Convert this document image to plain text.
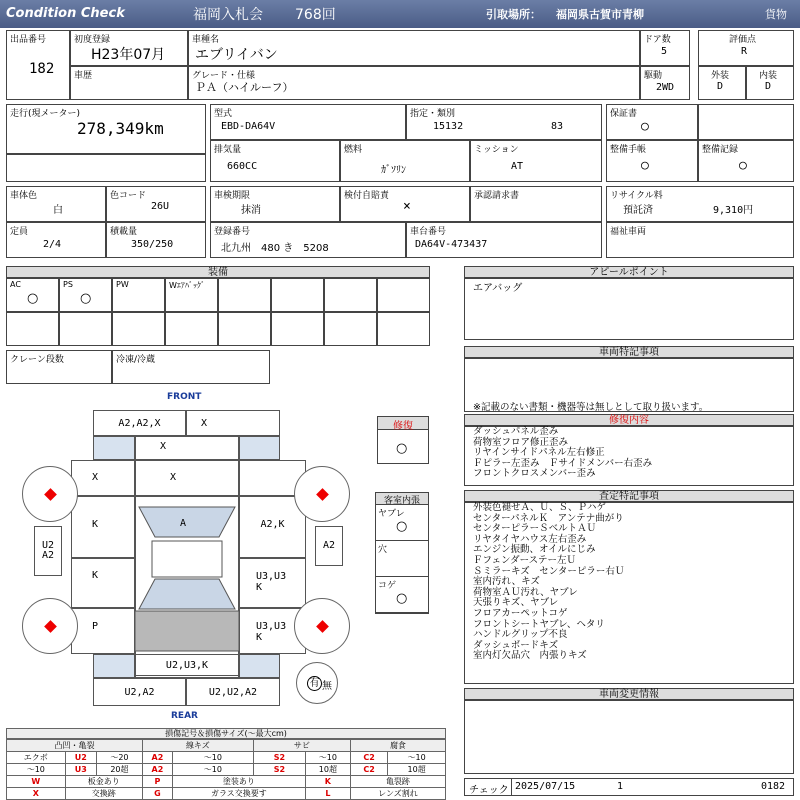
Condition Check	福岡入札会 768回	引取場所： 福岡県古賀市青柳	貨物
出品番号
182
初度登録
H23年07月
車歴
車種名
エブリイバン
グレード・仕様
ＰＡ（ハイルーフ）
ドア数
5
駆動
2WD
評価点
R
外装
D
内装
D
走行(現メーター)
278,349km
型式
EBD-DA64V
指定・類別
15132	83
保証書
○
排気量
660CC
燃料
ｶﾞｿﾘﾝ
ミッション
AT
整備手帳
○
整備記録
○
車体色
白
色コード
26U
車検期限
抹消
検付自賠責
×
承認請求書	リサイクル料
預託済	9,310円
定員
2/4
積載量
350/250
登録番号
北九州　480 き　5208
車台番号
DA64V-473437
福祉車両
装備
AC
○
PS
○
PW	Wｴｱﾊﾞｯｸﾞ
クレーン段数	冷凍/冷蔵
アピールポイント
エアバッグ
車両特記事項
※記載のない書類・機器等は無しとして取り扱います。
修復内容
ダッシュパネル歪み
荷物室フロア修正歪み
リヤインサイドパネル左右修正
Ｆピラー左歪み　Ｆサイドメンバー右歪み
フロントクロスメンバー歪み
査定特記事項
外装色褪せＡ、Ｕ、Ｓ、Ｐハゲ
センターパネルＫ　アンテナ曲がり
センターピラーＳベルトＡＵ
リヤタイヤハウス左右歪み
エンジン振動、オイルにじみ
Ｆフェンダーステー左Ｕ
Ｓミラーキズ　センターピラー右Ｕ
室内汚れ、キズ
荷物室ＡＵ汚れ、ヤブレ
天張りキズ、ヤブレ
フロアカーペットコゲ
フロントシートヤブレ、ヘタリ
ハンドルグリップ不良
ダッシュボードキズ
室内灯欠品穴　内張りキズ
車両変更情報
チェック 2025/07/15	1	0182
FRONT
REAR
A2,A2,X	X
X
X	X
K	A2,K
K	U3,U3
K
P	U3,U3
K
A
U2
A2
A2
U2,U3,K
U2,A2	U2,U2,A2
有 無
修復
○
客室内張
ヤブレ
○
穴
コゲ
○
損傷記号＆損傷サイズ(～最大cm)
凸凹・亀裂			線キズ		サビ		腐食	
エクボ	U2	～20	A2	～10	S2	～10	C2	～10
～10	U3	20超	A2	～10	S2	10超	C2	10超
W	板金あり		P	塗装あり		K	亀裂跡	
X	交換跡		G	ガラス交換要す		L	レンズ割れ	
